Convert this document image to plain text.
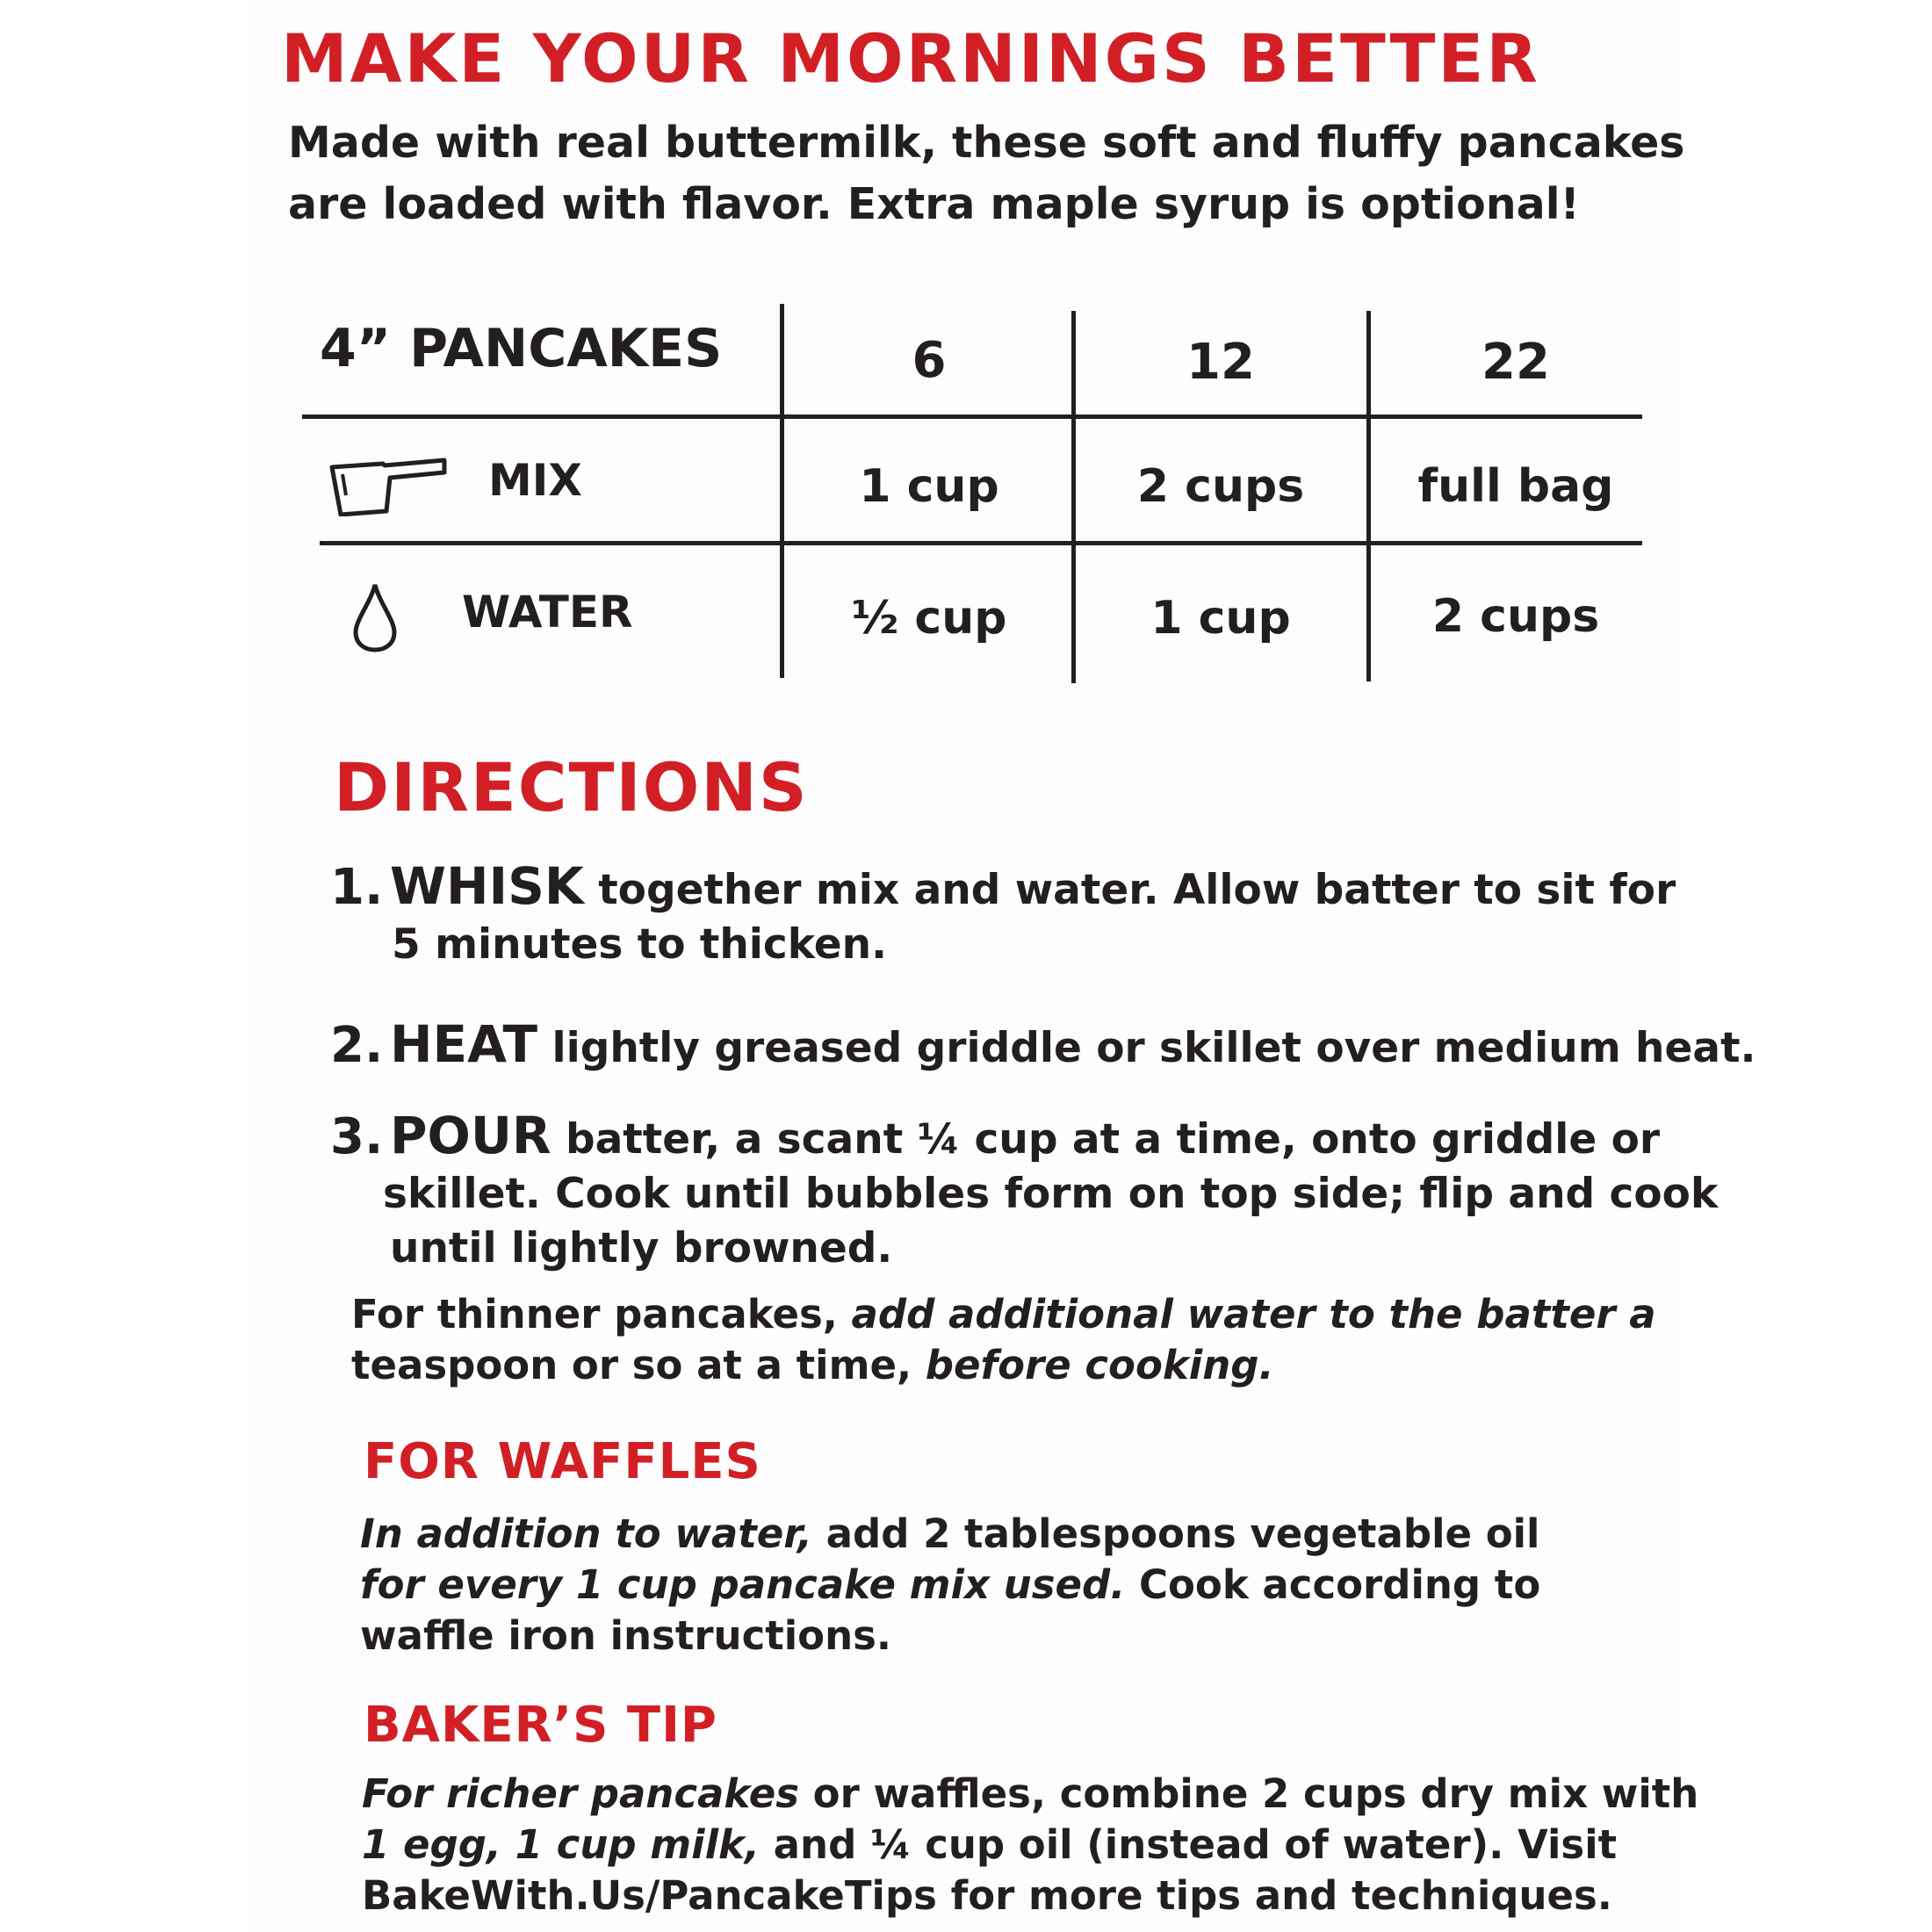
MAKE YOUR MORNINGS BETTER
Made with real buttermilk, these soft and fluffy pancakes
are loaded with flavor. Extra maple syrup is optional!
4” PANCAKES	6	12	22
MIX	1 cup	2 cups	full bag
WATER	½ cup	1 cup	2 cups
DIRECTIONS
1. WHISK together mix and water. Allow batter to sit for
5 minutes to thicken.
2. HEAT lightly greased griddle or skillet over medium heat.
3. POUR batter, a scant ¼ cup at a time, onto griddle or
skillet. Cook until bubbles form on top side; flip and cook
until lightly browned.
For thinner pancakes, add additional water to the batter a
teaspoon or so at a time, before cooking.
FOR WAFFLES
In addition to water, add 2 tablespoons vegetable oil
for every 1 cup pancake mix used. Cook according to
waffle iron instructions.
BAKER’S TIP
For richer pancakes or waffles, combine 2 cups dry mix with
1 egg, 1 cup milk, and ¼ cup oil (instead of water). Visit
BakeWith.Us/PancakeTips for more tips and techniques.
